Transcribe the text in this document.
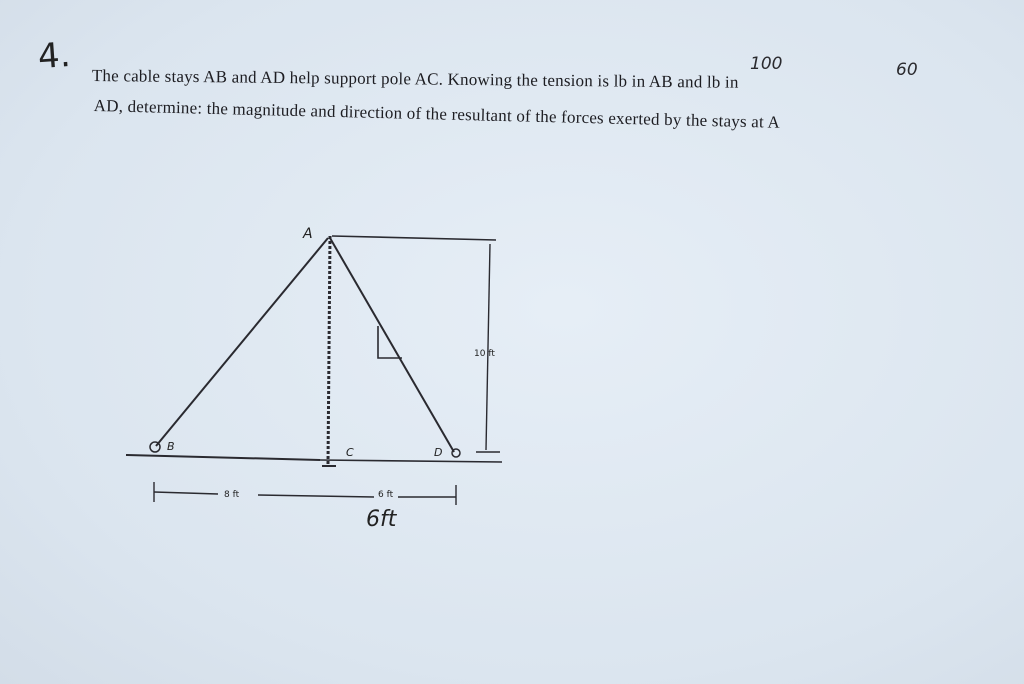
4.
The cable stays AB and AD help support pole AC. Knowing the tension is lb in AB and lb in
AD, determine: the magnitude and direction of the resultant of the forces exerted by the stays at A
100	60
A
B	C	D
10 ft
8 ft	6 ft
6ft
